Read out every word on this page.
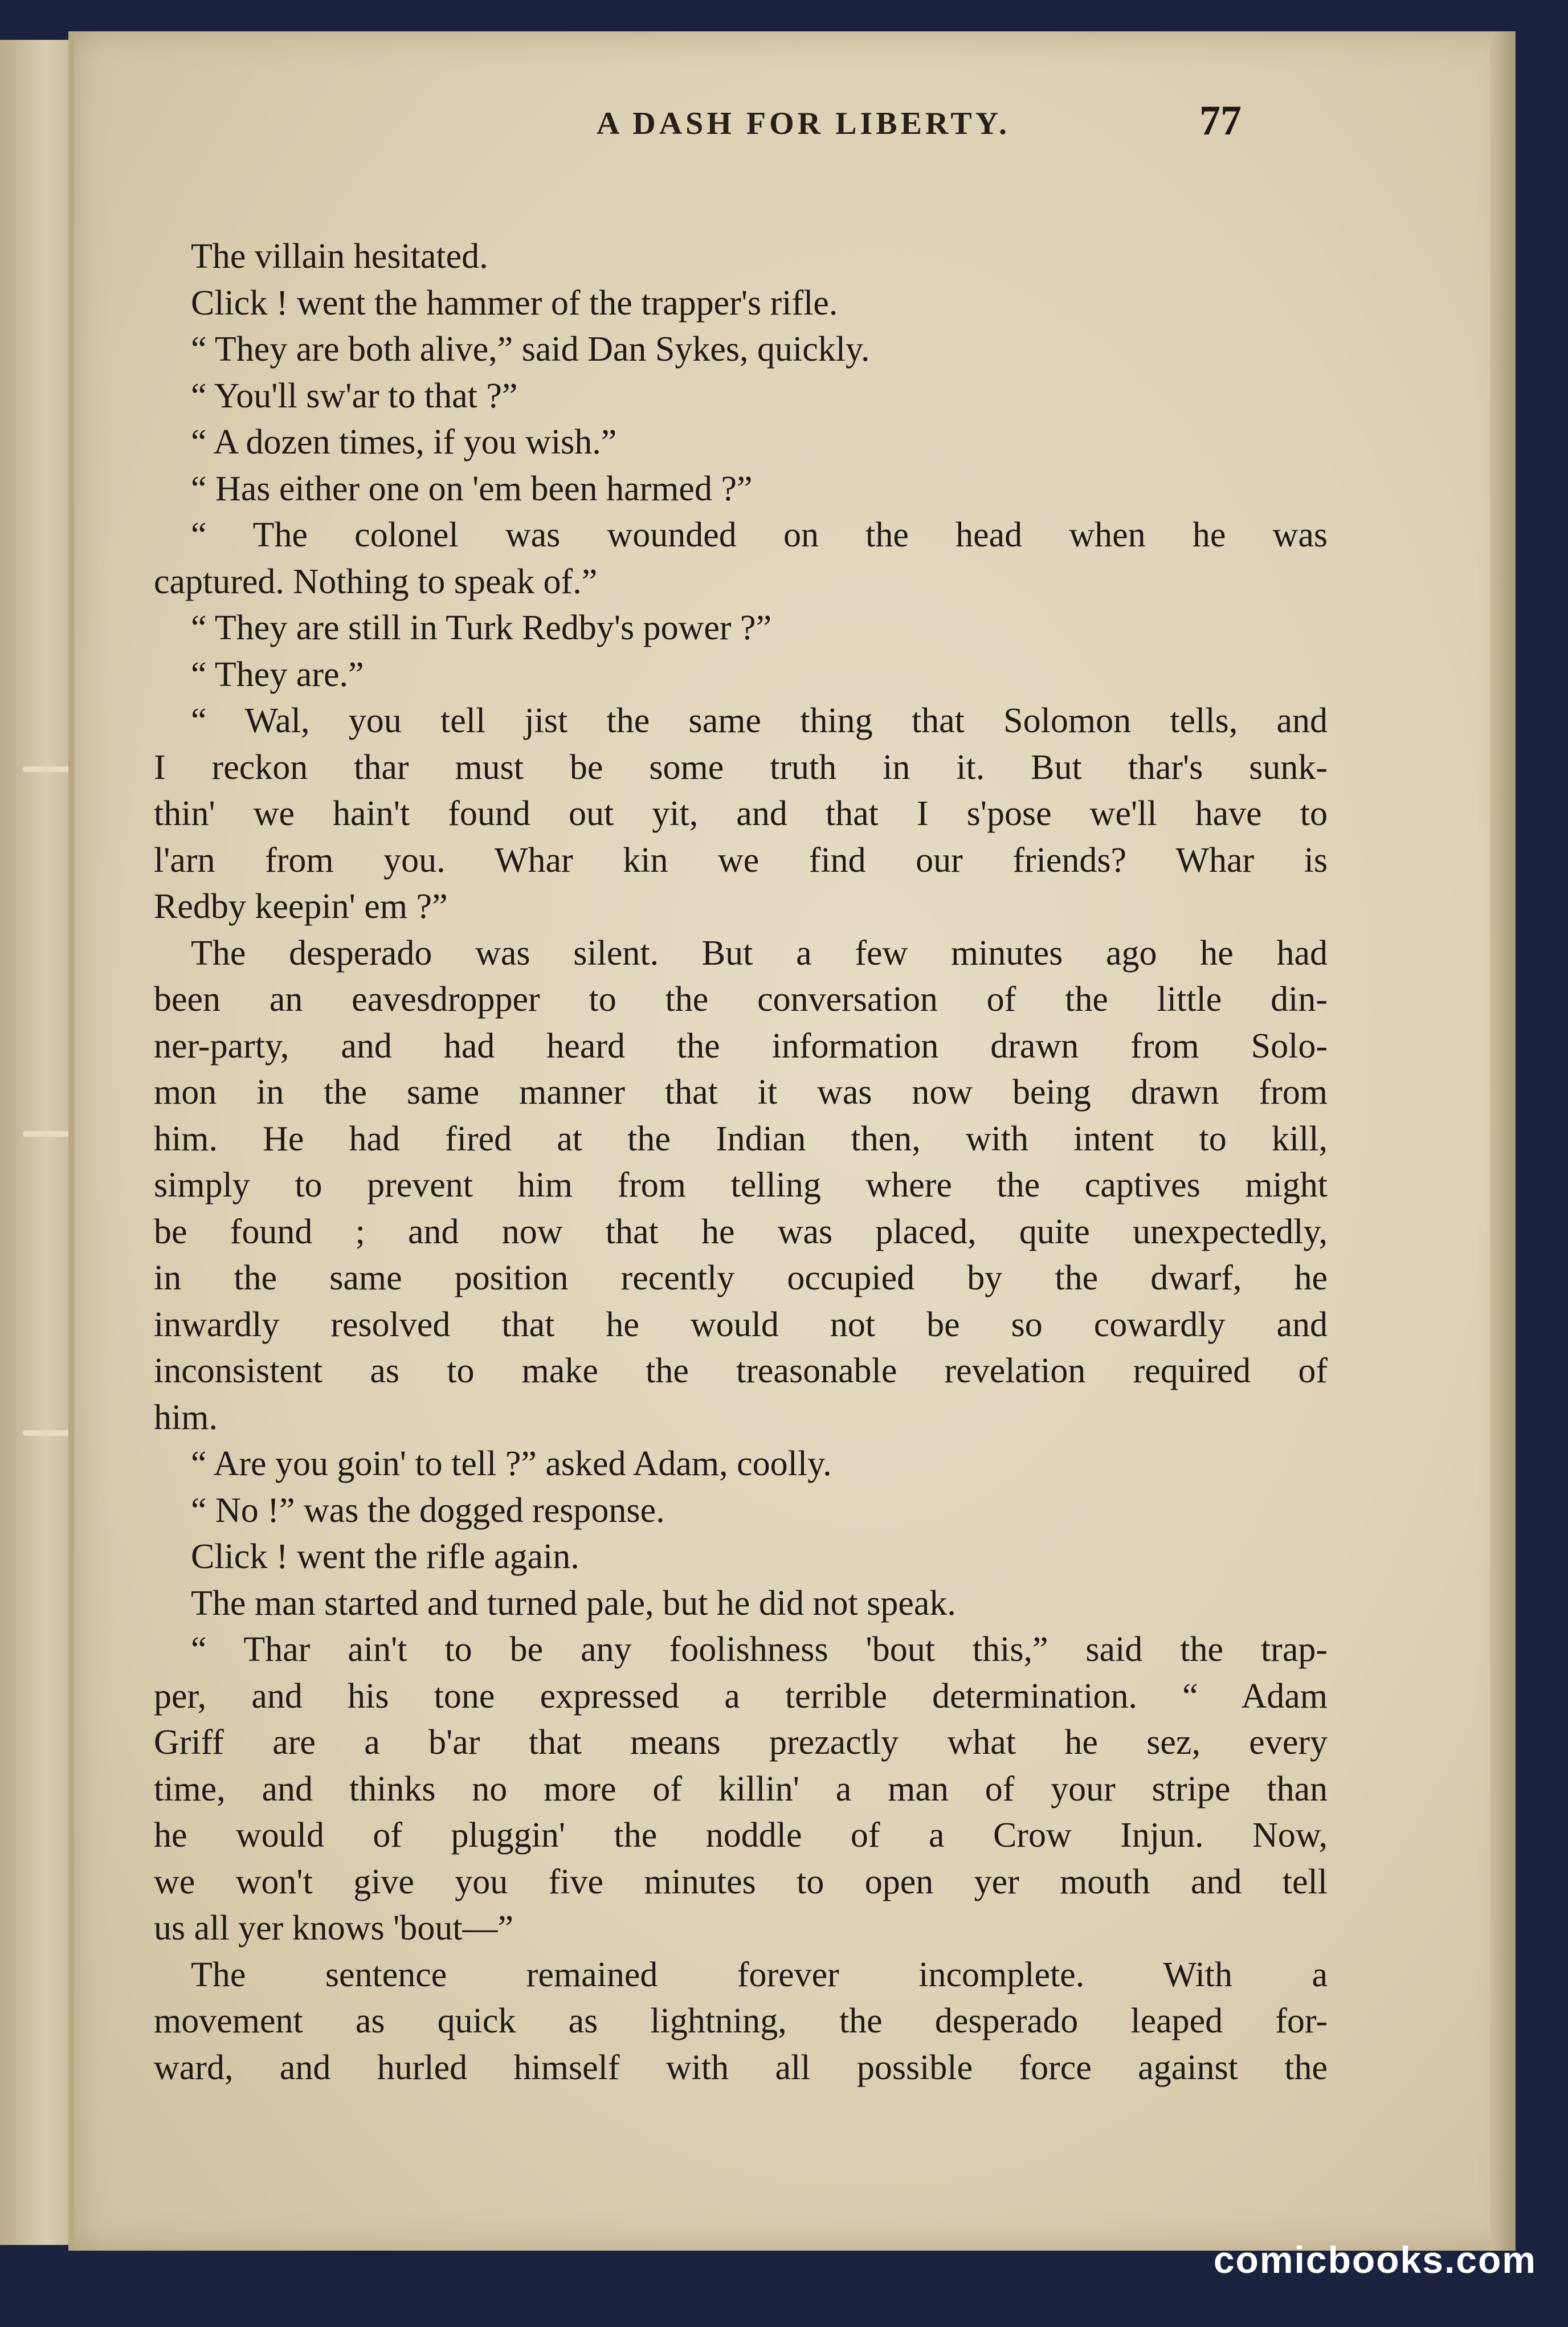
A DASH FOR LIBERTY.	77
The villain hesitated.
Click ! went the hammer of the trapper's rifle.
“ They are both alive,” said Dan Sykes, quickly.
“ You'll sw'ar to that ?”
“ A dozen times, if you wish.”
“ Has either one on 'em been harmed ?”
“ The colonel was wounded on the head when he was
captured. Nothing to speak of.”
“ They are still in Turk Redby's power ?”
“ They are.”
“ Wal, you tell jist the same thing that Solomon tells, and
I reckon thar must be some truth in it. But thar's sunk-
thin' we hain't found out yit, and that I s'pose we'll have to
l'arn from you. Whar kin we find our friends? Whar is
Redby keepin' em ?”
The desperado was silent. But a few minutes ago he had
been an eavesdropper to the conversation of the little din-
ner-party, and had heard the information drawn from Solo-
mon in the same manner that it was now being drawn from
him. He had fired at the Indian then, with intent to kill,
simply to prevent him from telling where the captives might
be found ; and now that he was placed, quite unexpectedly,
in the same position recently occupied by the dwarf, he
inwardly resolved that he would not be so cowardly and
inconsistent as to make the treasonable revelation required of
him.
“ Are you goin' to tell ?” asked Adam, coolly.
“ No !” was the dogged response.
Click ! went the rifle again.
The man started and turned pale, but he did not speak.
“ Thar ain't to be any foolishness 'bout this,” said the trap-
per, and his tone expressed a terrible determination. “ Adam
Griff are a b'ar that means prezactly what he sez, every
time, and thinks no more of killin' a man of your stripe than
he would of pluggin' the noddle of a Crow Injun. Now,
we won't give you five minutes to open yer mouth and tell
us all yer knows 'bout—”
The sentence remained forever incomplete. With a
movement as quick as lightning, the desperado leaped for-
ward, and hurled himself with all possible force against the
comicbooks.com
